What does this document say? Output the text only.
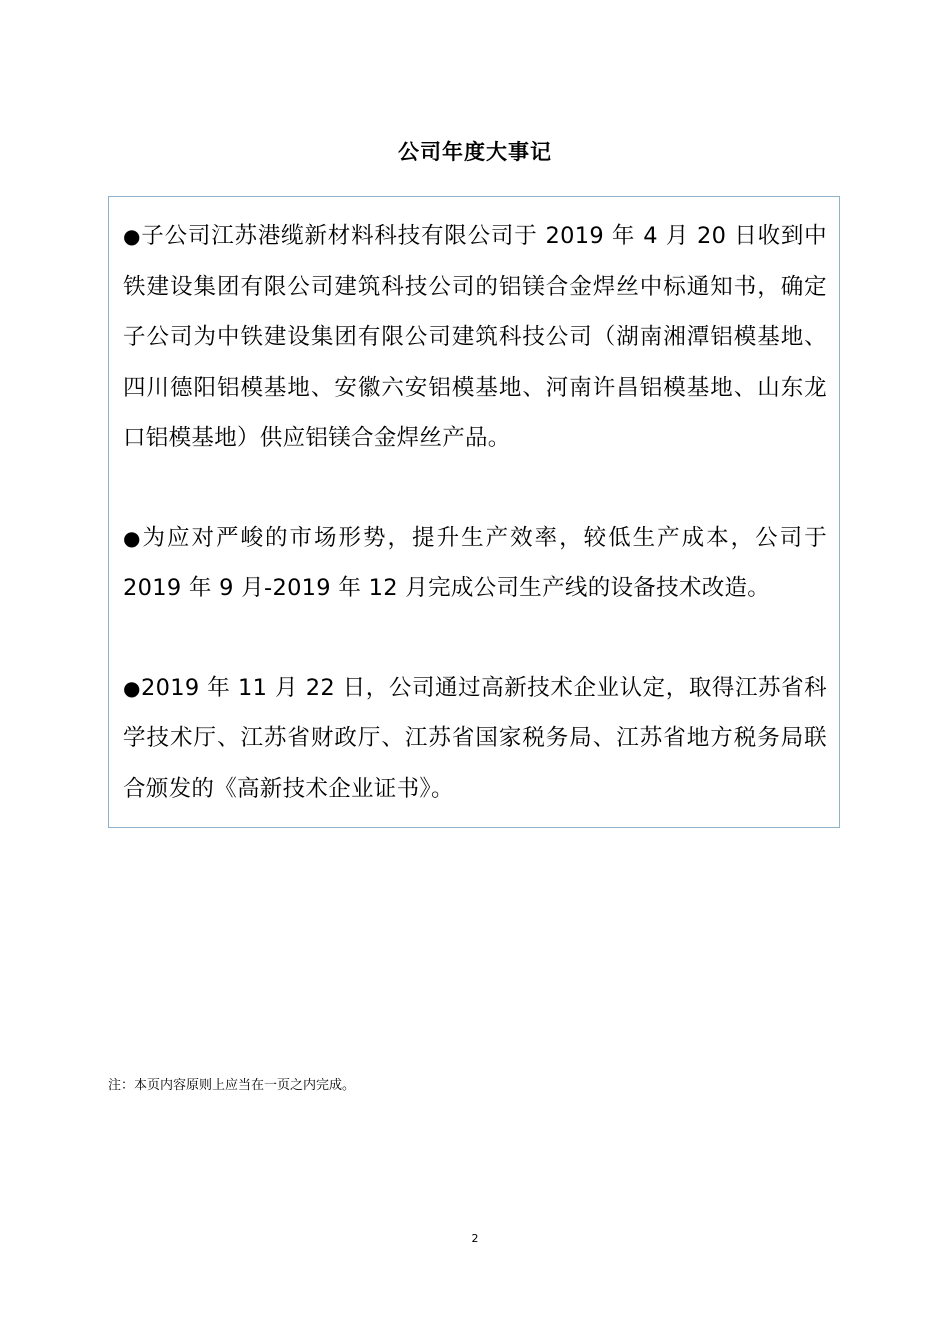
公司年度大事记

●子公司江苏港缆新材料科技有限公司于 2019 年 4 月 20 日收到中铁建设集团有限公司建筑科技公司的铝镁合金焊丝中标通知书，确定子公司为中铁建设集团有限公司建筑科技公司（湖南湘潭铝模基地、四川德阳铝模基地、安徽六安铝模基地、河南许昌铝模基地、山东龙口铝模基地）供应铝镁合金焊丝产品。

●为应对严峻的市场形势，提升生产效率，较低生产成本，公司于 2019 年 9 月-2019 年 12 月完成公司生产线的设备技术改造。

●2019 年 11 月 22 日，公司通过高新技术企业认定，取得江苏省科学技术厅、江苏省财政厅、江苏省国家税务局、江苏省地方税务局联合颁发的《高新技术企业证书》。

注：本页内容原则上应当在一页之内完成。
2
